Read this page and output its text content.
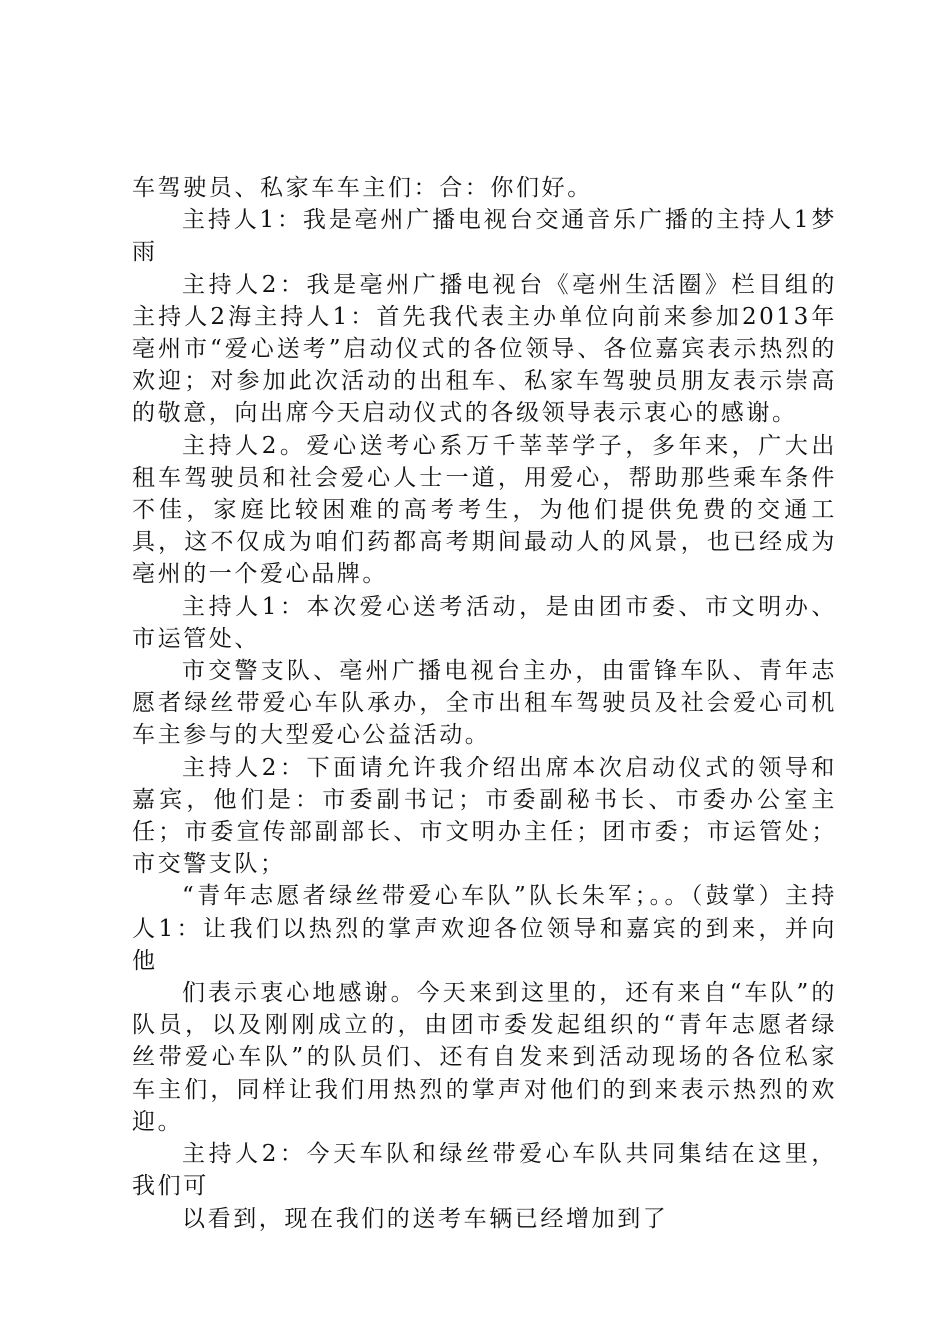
车驾驶员、私家车车主们：合：你们好。

主持人1：我是亳州广播电视台交通音乐广播的主持人1梦雨

主持人2：我是亳州广播电视台《亳州生活圈》栏目组的主持人2海主持人1：首先我代表主办单位向前来参加2013年亳州市“爱心送考”启动仪式的各位领导、各位嘉宾表示热烈的欢迎；对参加此次活动的出租车、私家车驾驶员朋友表示崇高的敬意，向出席今天启动仪式的各级领导表示衷心的感谢。

主持人2。爱心送考心系万千莘莘学子，多年来，广大出租车驾驶员和社会爱心人士一道，用爱心，帮助那些乘车条件不佳，家庭比较困难的高考考生，为他们提供免费的交通工具，这不仅成为咱们药都高考期间最动人的风景，也已经成为亳州的一个爱心品牌。

主持人1：本次爱心送考活动，是由团市委、市文明办、市运管处、

市交警支队、亳州广播电视台主办，由雷锋车队、青年志愿者绿丝带爱心车队承办，全市出租车驾驶员及社会爱心司机车主参与的大型爱心公益活动。

主持人2：下面请允许我介绍出席本次启动仪式的领导和嘉宾，他们是：市委副书记；市委副秘书长、市委办公室主任；市委宣传部副部长、市文明办主任；团市委；市运管处；市交警支队；

“青年志愿者绿丝带爱心车队”队长朱军；。。（鼓掌）主持人1：让我们以热烈的掌声欢迎各位领导和嘉宾的到来，并向他

们表示衷心地感谢。今天来到这里的，还有来自“车队”的队员，以及刚刚成立的，由团市委发起组织的“青年志愿者绿丝带爱心车队”的队员们、还有自发来到活动现场的各位私家车主们，同样让我们用热烈的掌声对他们的到来表示热烈的欢迎。

主持人2：今天车队和绿丝带爱心车队共同集结在这里，我们可

以看到，现在我们的送考车辆已经增加到了
